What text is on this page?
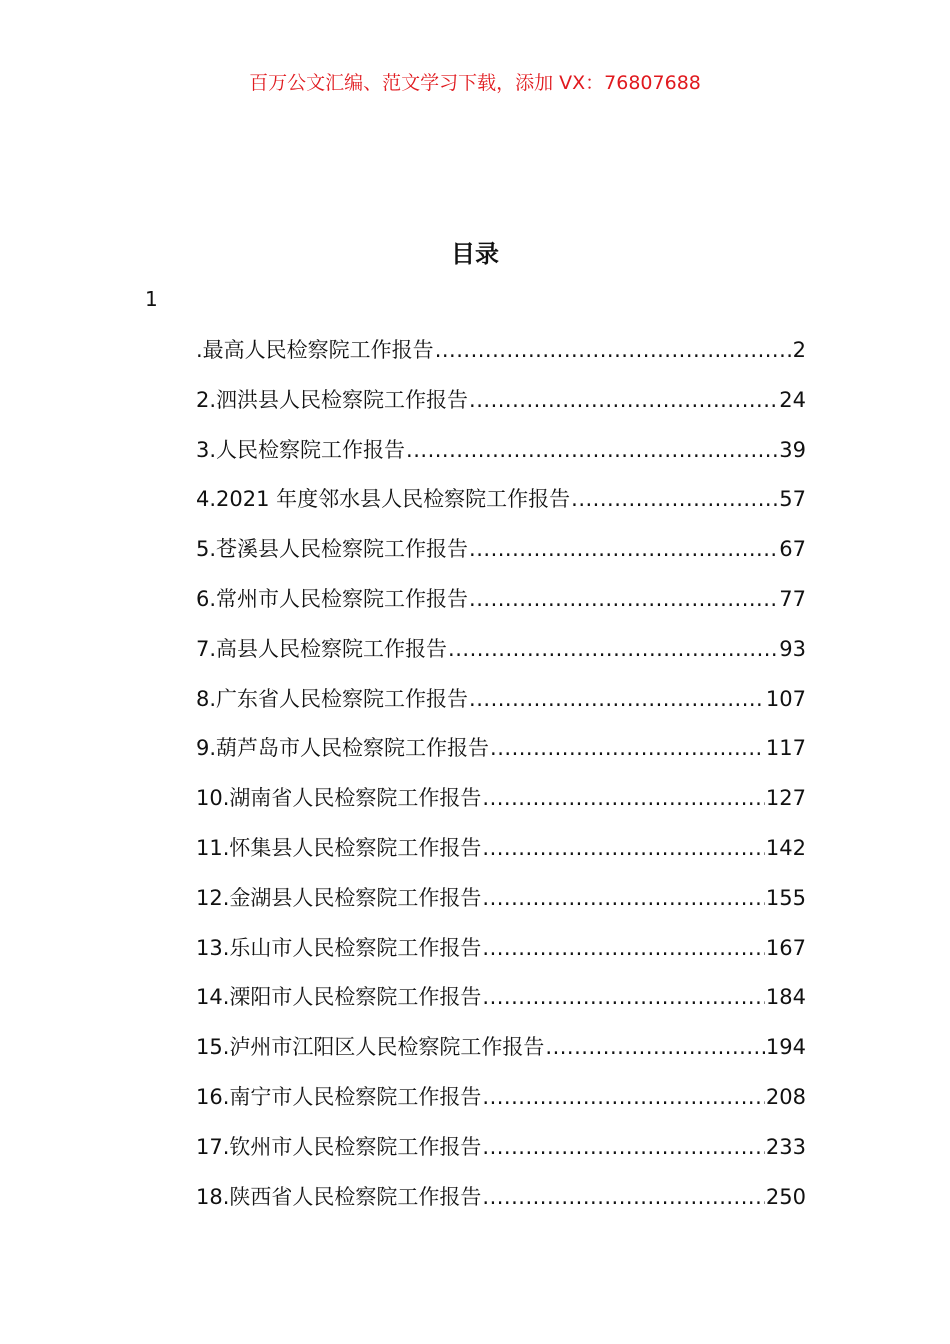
百万公文汇编、范文学习下载，添加 VX：76807688
目录
1
.最高人民检察院工作报告 .....	2
2.泗洪县人民检察院工作报告 .....	24
3.人民检察院工作报告 .....	39
4.2021 年度邻水县人民检察院工作报告 .....	57
5.苍溪县人民检察院工作报告 .....	67
6.常州市人民检察院工作报告 .....	77
7.高县人民检察院工作报告 .....	93
8.广东省人民检察院工作报告 .....	107
9.葫芦岛市人民检察院工作报告 .....	117
10.湖南省人民检察院工作报告 .....	127
11.怀集县人民检察院工作报告 .....	142
12.金湖县人民检察院工作报告 .....	155
13.乐山市人民检察院工作报告 .....	167
14.溧阳市人民检察院工作报告 .....	184
15.泸州市江阳区人民检察院工作报告 .....	194
16.南宁市人民检察院工作报告 .....	208
17.钦州市人民检察院工作报告 .....	233
18.陕西省人民检察院工作报告 .....	250
